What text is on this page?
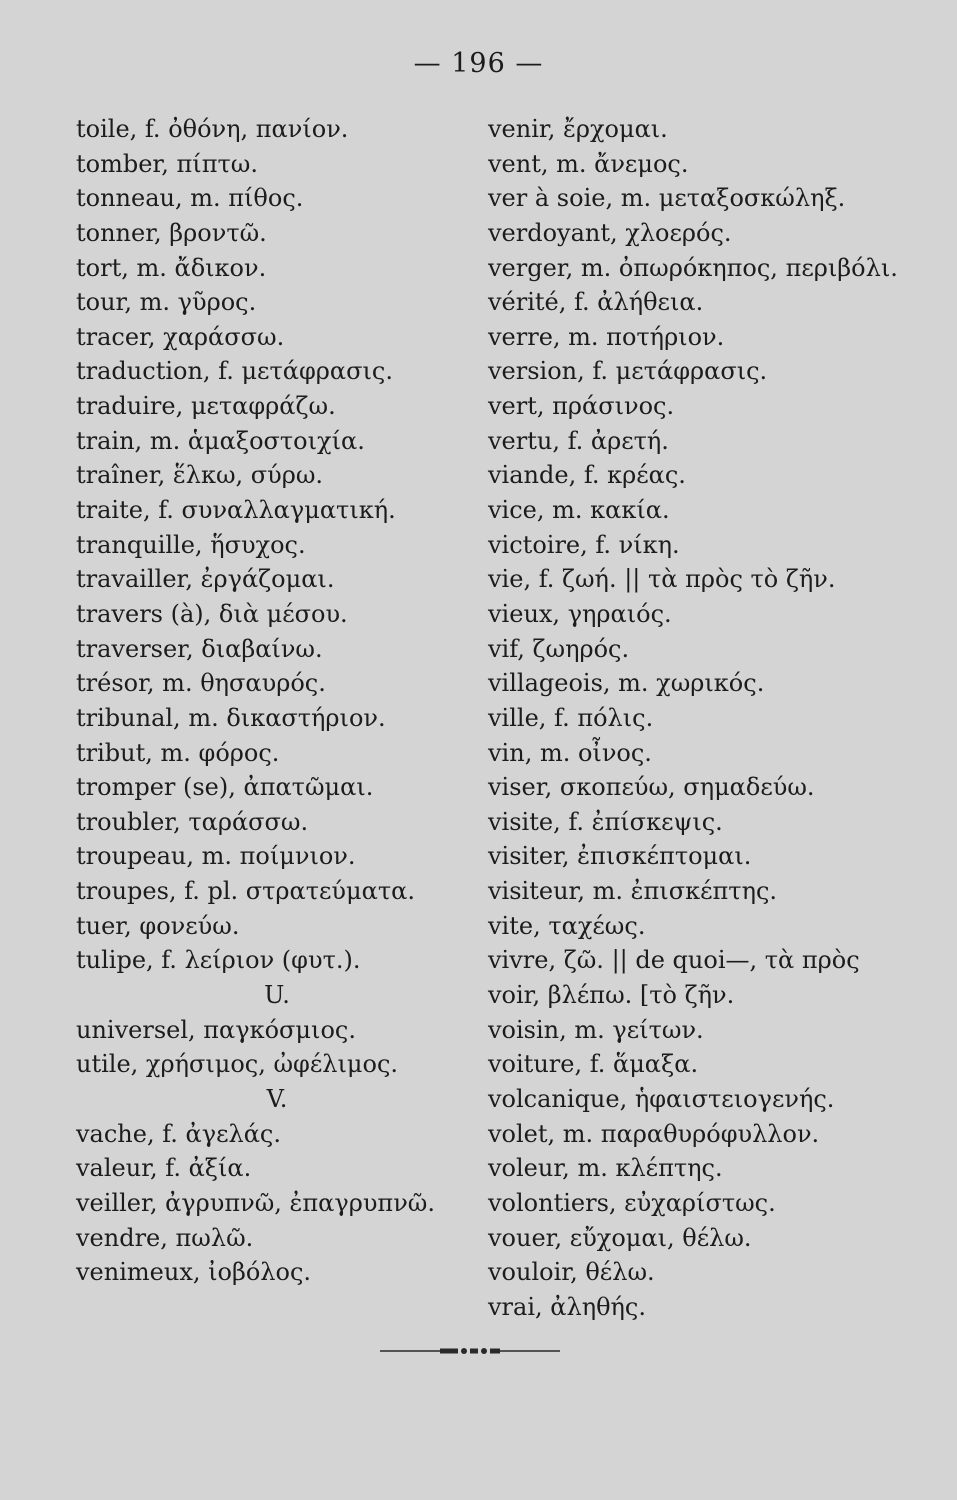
— 196 —
toile, f. ὀθόνη, πανίον.
tomber, πίπτω.
tonneau, m. πίθος.
tonner, βροντῶ.
tort, m. ἄδικον.
tour, m. γῦρος.
tracer, χαράσσω.
traduction, f. μετάφρασις.
traduire, μεταφράζω.
train, m. ἁμαξοστοιχία.
traîner, ἕλκω, σύρω.
traite, f. συναλλαγματική.
tranquille, ἥσυχος.
travailler, ἐργάζομαι.
travers (à), διὰ μέσου.
traverser, διαβαίνω.
trésor, m. θησαυρός.
tribunal, m. δικαστήριον.
tribut, m. φόρος.
tromper (se), ἀπατῶμαι.
troubler, ταράσσω.
troupeau, m. ποίμνιον.
troupes, f. pl. στρατεύματα.
tuer, φονεύω.
tulipe, f. λείριον (φυτ.).
U.
universel, παγκόσμιος.
utile, χρήσιμος, ὠφέλιμος.
V.
vache, f. ἀγελάς.
valeur, f. ἀξία.
veiller, ἀγρυπνῶ, ἐπαγρυπνῶ.
vendre, πωλῶ.
venimeux, ἰοβόλος.
venir, ἔρχομαι.
vent, m. ἄνεμος.
ver à soie, m. μεταξοσκώληξ.
verdoyant, χλοερός.
verger, m. ὀπωρόκηπος, περιβόλι.
vérité, f. ἀλήθεια.
verre, m. ποτήριον.
version, f. μετάφρασις.
vert, πράσινος.
vertu, f. ἀρετή.
viande, f. κρέας.
vice, m. κακία.
victoire, f. νίκη.
vie, f. ζωή. || τὰ πρὸς τὸ ζῆν.
vieux, γηραιός.
vif, ζωηρός.
villageois, m. χωρικός.
ville, f. πόλις.
vin, m. οἶνος.
viser, σκοπεύω, σημαδεύω.
visite, f. ἐπίσκεψις.
visiter, ἐπισκέπτομαι.
visiteur, m. ἐπισκέπτης.
vite, ταχέως.
vivre, ζῶ. || de quoi—, τὰ πρὸς
voir, βλέπω. [τὸ ζῆν.
voisin, m. γείτων.
voiture, f. ἅμαξα.
volcanique, ἡφαιστειογενής.
volet, m. παραθυρόφυλλον.
voleur, m. κλέπτης.
volontiers, εὐχαρίστως.
vouer, εὔχομαι, θέλω.
vouloir, θέλω.
vrai, ἀληθής.
